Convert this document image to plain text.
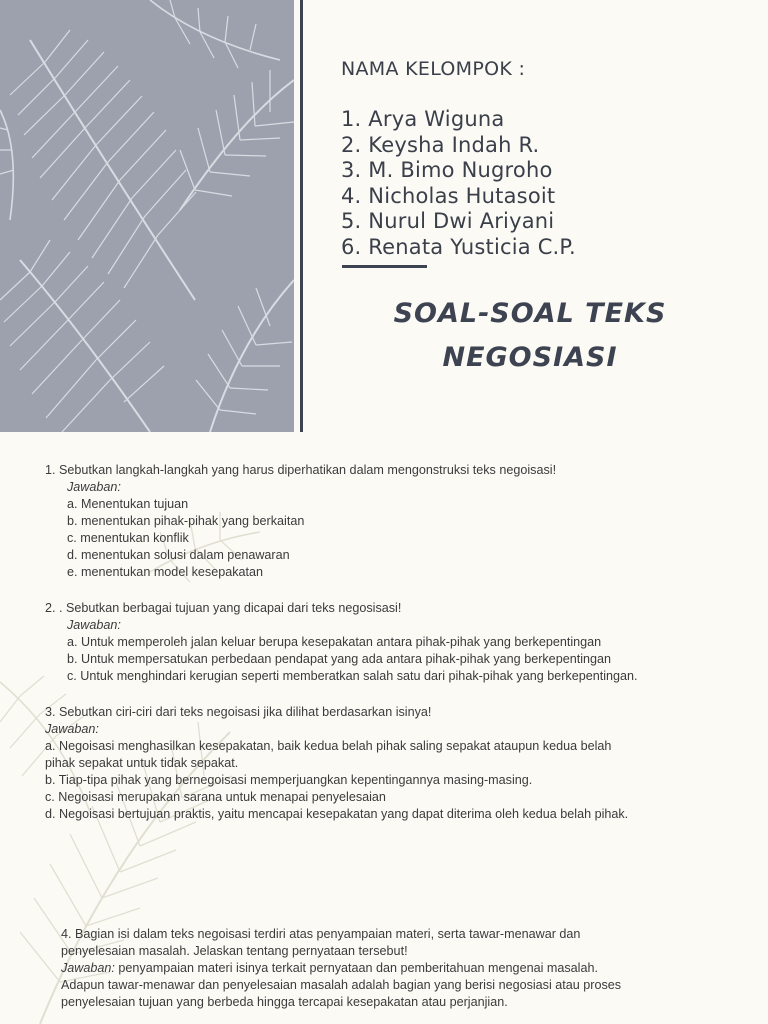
NAMA KELOMPOK :
1. Arya Wiguna
2. Keysha Indah R.
3. M. Bimo Nugroho
4. Nicholas Hutasoit
5. Nurul Dwi Ariyani
6. Renata Yusticia C.P.
SOAL-SOAL TEKS
NEGOSIASI
1. Sebutkan langkah-langkah yang harus diperhatikan dalam mengonstruksi teks negoisasi!
Jawaban:
a. Menentukan tujuan
b. menentukan pihak-pihak yang berkaitan
c. menentukan konflik
d. menentukan solusi dalam penawaran
e. menentukan model kesepakatan
2. . Sebutkan berbagai tujuan yang dicapai dari teks negosisasi!
Jawaban:
a. Untuk memperoleh jalan keluar berupa kesepakatan antara pihak-pihak yang berkepentingan
b. Untuk mempersatukan perbedaan pendapat yang ada antara pihak-pihak yang berkepentingan
c. Untuk menghindari kerugian seperti memberatkan salah satu dari pihak-pihak yang berkepentingan.
3. Sebutkan ciri-ciri dari teks negoisasi jika dilihat berdasarkan isinya!
Jawaban:
a. Negoisasi menghasilkan kesepakatan, baik kedua belah pihak saling sepakat ataupun kedua belah
pihak sepakat untuk tidak sepakat.
b. Tiap-tipa pihak yang bernegoisasi memperjuangkan kepentingannya masing-masing.
c. Negoisasi merupakan sarana untuk menapai penyelesaian
d. Negoisasi bertujuan praktis, yaitu mencapai kesepakatan yang dapat diterima oleh kedua belah pihak.
4. Bagian isi dalam teks negoisasi terdiri atas penyampaian materi, serta tawar-menawar dan
penyelesaian masalah. Jelaskan tentang pernyataan tersebut!
Jawaban: penyampaian materi isinya terkait pernyataan dan pemberitahuan mengenai masalah.
Adapun tawar-menawar dan penyelesaian masalah adalah bagian yang berisi negosiasi atau proses
penyelesaian tujuan yang berbeda hingga tercapai kesepakatan atau perjanjian.
